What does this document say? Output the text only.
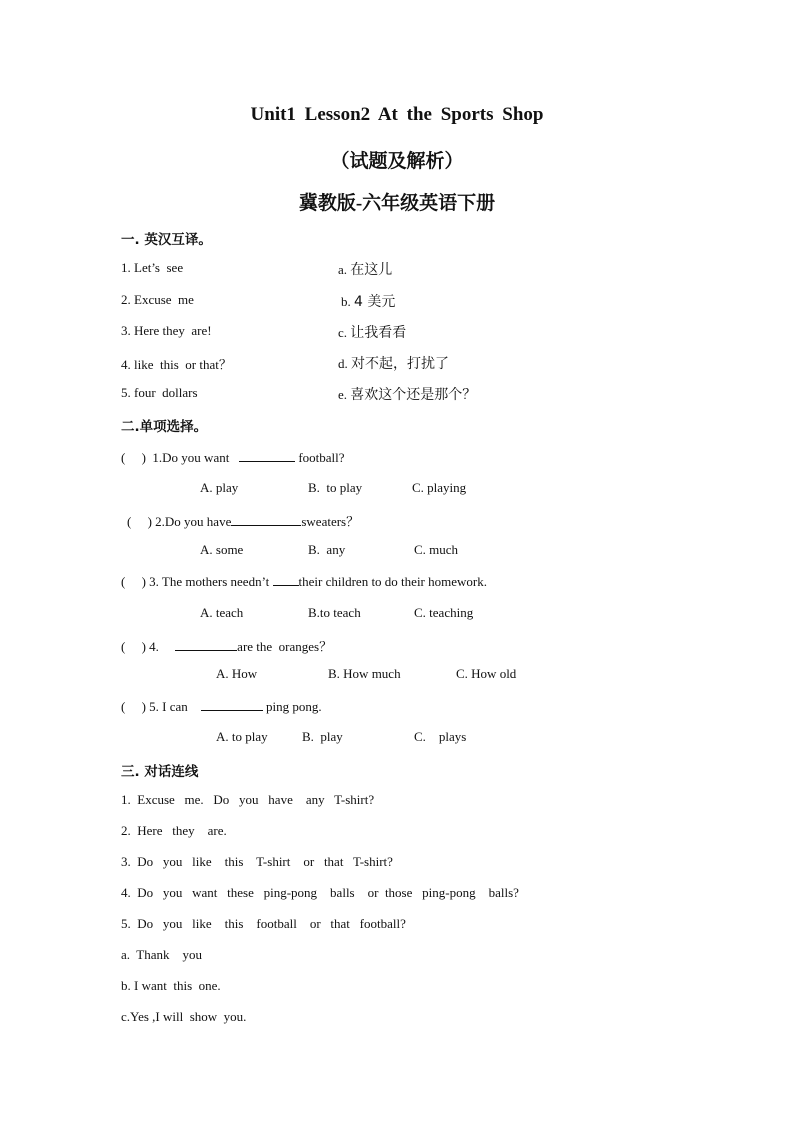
Unit1 Lesson2 At the Sports Shop
（试题及解析）
冀教版-六年级英语下册
一. 英汉互译。
1. Let’s  see	a. 在这儿
2. Excuse  me	b. 4 美元
3. Here they  are!	c. 让我看看
4. like  this  or that？	d. 对不起，打扰了
5. four  dollars	e. 喜欢这个还是那个？
二.单项选择。
(     ) 1.Do you want	football?
A. play	B.  to play	C. playing
(     ) 2.Do you have	sweaters？
A. some	B.  any	C. much
(     ) 3. The mothers needn’t their children to do their homework.
A. teach	B.to teach	C. teaching
(     ) 4.	are the  oranges？
A. How	B. How much	C. How old
(     ) 5. I can	ping pong.
A. to play	B.  play	C.    plays
三. 对话连线
1.  Excuse   me.   Do   you   have    any   T-shirt?
2.  Here   they    are.
3.  Do   you   like    this    T-shirt    or   that   T-shirt?
4.  Do   you   want   these   ping-pong    balls    or  those   ping-pong    balls?
5.  Do   you   like    this    football    or   that   football?
a.  Thank    you
b. I want  this  one.
c.Yes ,I will  show  you.
